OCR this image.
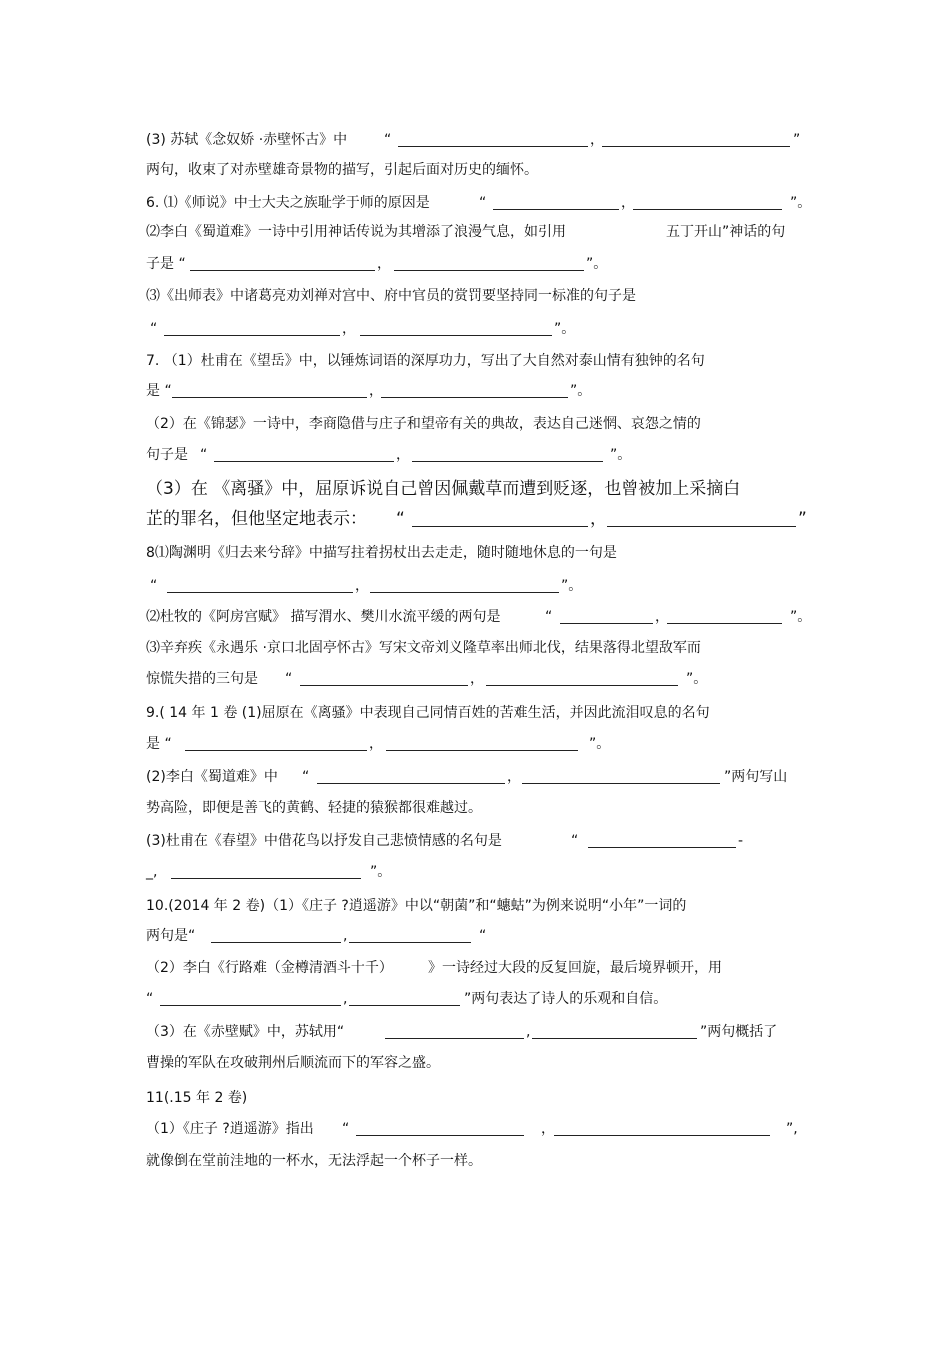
(3) 苏轼《念奴娇 ·赤壁怀古》中	“	，	”
两句，收束了对赤壁雄奇景物的描写，引起后面对历史的缅怀。
6. ⑴《师说》中士大夫之族耻学于师的原因是	“	，	”。
⑵李白《蜀道难》一诗中引用神话传说为其增添了浪漫气息，如引用	五丁开山”神话的句
子是 “	，	”。
⑶《出师表》中诸葛亮劝刘禅对宫中、府中官员的赏罚要坚持同一标准的句子是
“	，	”。
7. （1）杜甫在《望岳》中，以锤炼词语的深厚功力，写出了大自然对泰山情有独钟的名句
是 “	，	”。
（2）在《锦瑟》一诗中，李商隐借与庄子和望帝有关的典故，表达自己迷惘、哀怨之情的
句子是 “	，	”。
（3）在 《离骚》中，屈原诉说自己曾因佩戴草而遭到贬逐，也曾被加上采摘白
芷的罪名，但他坚定地表示： “	，	”
8⑴陶渊明《归去来兮辞》中描写拄着拐杖出去走走，随时随地休息的一句是
“	，	”。
⑵杜牧的《阿房宫赋》 描写渭水、樊川水流平缓的两句是	“	，	”。
⑶辛弃疾《永遇乐 ·京口北固亭怀古》写宋文帝刘义隆草率出师北伐，结果落得北望敌军而
惊慌失措的三句是 “	，	”。
9.( 14 年 1 卷 (1)屈原在《离骚》中表现自己同情百姓的苦难生活，并因此流泪叹息的名句
是 “	，	”。
(2)李白《蜀道难》中 “	，	”两句写山
势高险，即便是善飞的黄鹤、轻捷的猿猴都很难越过。
(3)杜甫在《春望》中借花鸟以抒发自己悲愤情感的名句是	“	-
_,	”。
10.(2014 年 2 卷)（1）《庄子 ?逍遥游》中以“朝菌”和“蟪蛄”为例来说明“小年”一词的
两句是“	,	“
（2）李白《行路难（金樽清酒斗十千）	》一诗经过大段的反复回旋，最后境界顿开，用
“	,	”两句表达了诗人的乐观和自信。
（3）在《赤壁赋》中，苏轼用“	,	”两句概括了
曹操的军队在攻破荆州后顺流而下的军容之盛。
11(.15 年 2 卷)
（1）《庄子 ?逍遥游》指出 “	，	”,
就像倒在堂前洼地的一杯水，无法浮起一个杯子一样。
